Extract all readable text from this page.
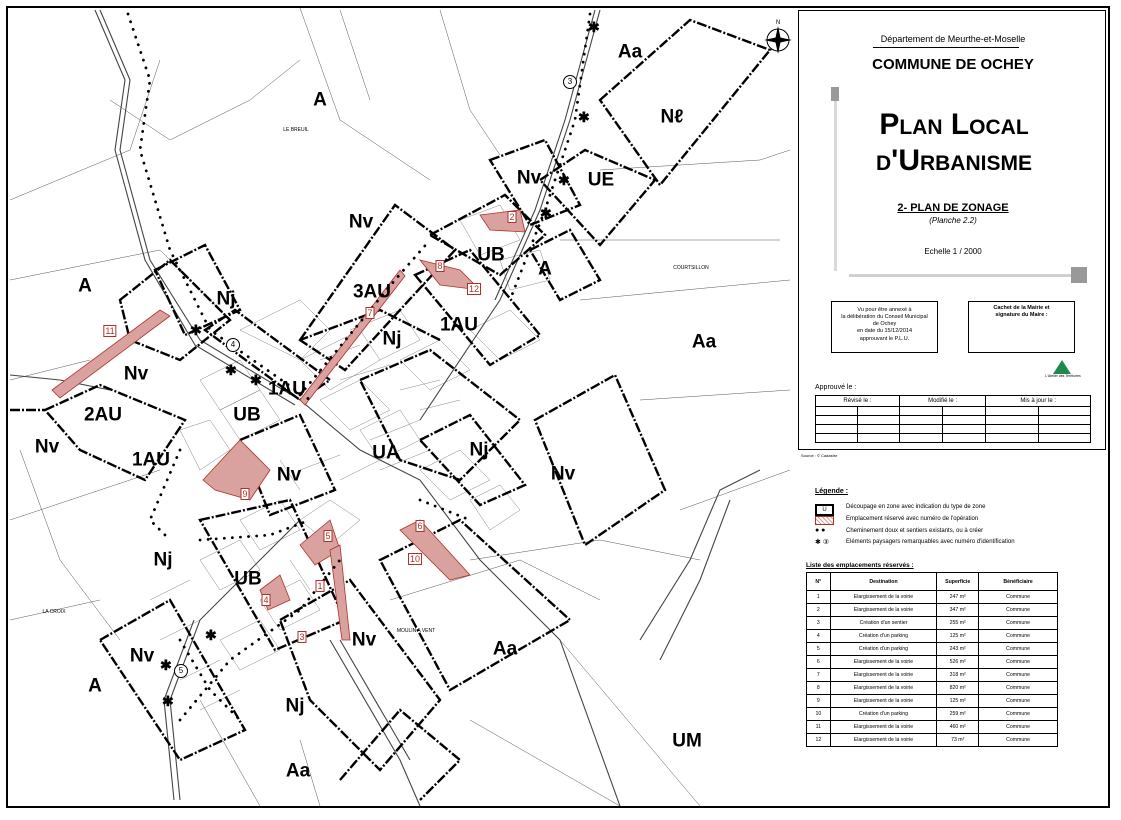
✱
✱
✱
✱
✱
✱
✱
✱
✱
✱
N
A
Aa
Nℓ
Nv UE
Nv
UB
A
A
Nj	3AU
1AU
Nj	Aa
Nv
1AU
2AU	UB
Nv
1AU
Nv
UA	Nj
Nv
Nj
UB
Nv	Aa
Nv
A
Nj
Aa
UM
LE BREUIL
LA CROIX
COURTSILLON
MOULIN A VENT
2
8
12
7
11
9
6
5
10
1
4
3
3
4
5
Département de Meurthe-et-Moselle
COMMUNE DE OCHEY
Plan Local
d'Urbanisme
2- PLAN DE ZONAGE
(Planche 2.2)
Echelle 1 / 2000
Vu pour être annexé à
la délibération du Conseil Municipal
de Ochey
en date du 15/12/2014
approuvant le P.L.U.
Cachet de la Mairie et
signature du Maire :
L'Atelier des Territoires
Approuvé le :
Révisé le :		Modifié le :		Mis à jour le :	

Source : © Cadastre
Légende :
U	Découpage en zone avec indication du type de zone
Emplacement réservé avec numéro de l'opération
● ●	Cheminement doux et sentiers existants, ou à créer
✱ ③	Eléments paysagers remarquables avec numéro d'identification
Liste des emplacements réservés :
N°	Destination	Superficie	Bénéficiaire
1	Elargissement de la voirie	247 m²	Commune
2	Elargissement de la voirie	347 m²	Commune
3	Création d'un sentier	255 m²	Commune
4	Création d'un parking	125 m²	Commune
5	Création d'un parking	243 m²	Commune
6	Elargissement de la voirie	526 m²	Commune
7	Elargissement de la voirie	318 m²	Commune
8	Elargissement de la voirie	820 m²	Commune
9	Elargissement de la voirie	125 m²	Commune
10	Création d'un parking	259 m²	Commune
11	Elargissement de la voirie	460 m²	Commune
12	Elargissement de la voirie	73 m²	Commune
